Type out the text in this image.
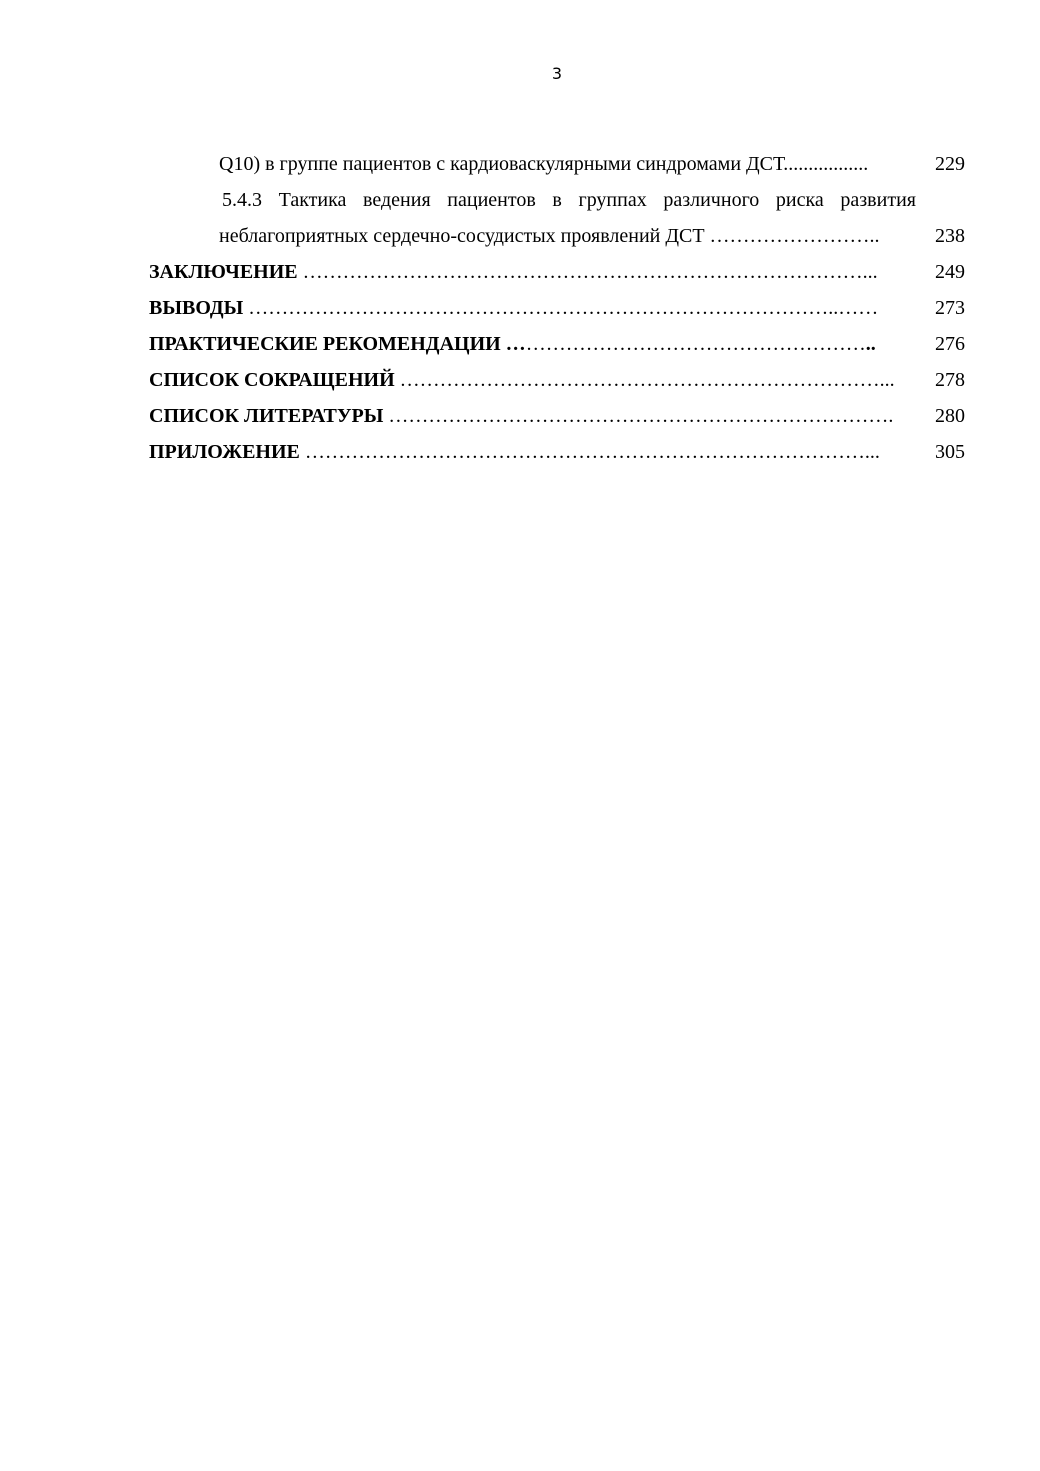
3
Q10) в группе пациентов с кардиоваскулярными синдромами ДСТ.................	229
5.4.3 Тактика ведения пациентов в группах различного риска развития
неблагоприятных сердечно-сосудистых проявлений ДСТ ……………………..	238
ЗАКЛЮЧЕНИЕ …………………………………………………………………………...	249
ВЫВОДЫ ……………………………………………………………………………..……	273
ПРАКТИЧЕСКИЕ РЕКОМЕНДАЦИИ ………………………………………………..	276
СПИСОК СОКРАЩЕНИЙ ………………………………………………………………... 278
СПИСОК ЛИТЕРАТУРЫ …………………………………………………………………. 280
ПРИЛОЖЕНИЕ …………………………………………………………………………...	305
